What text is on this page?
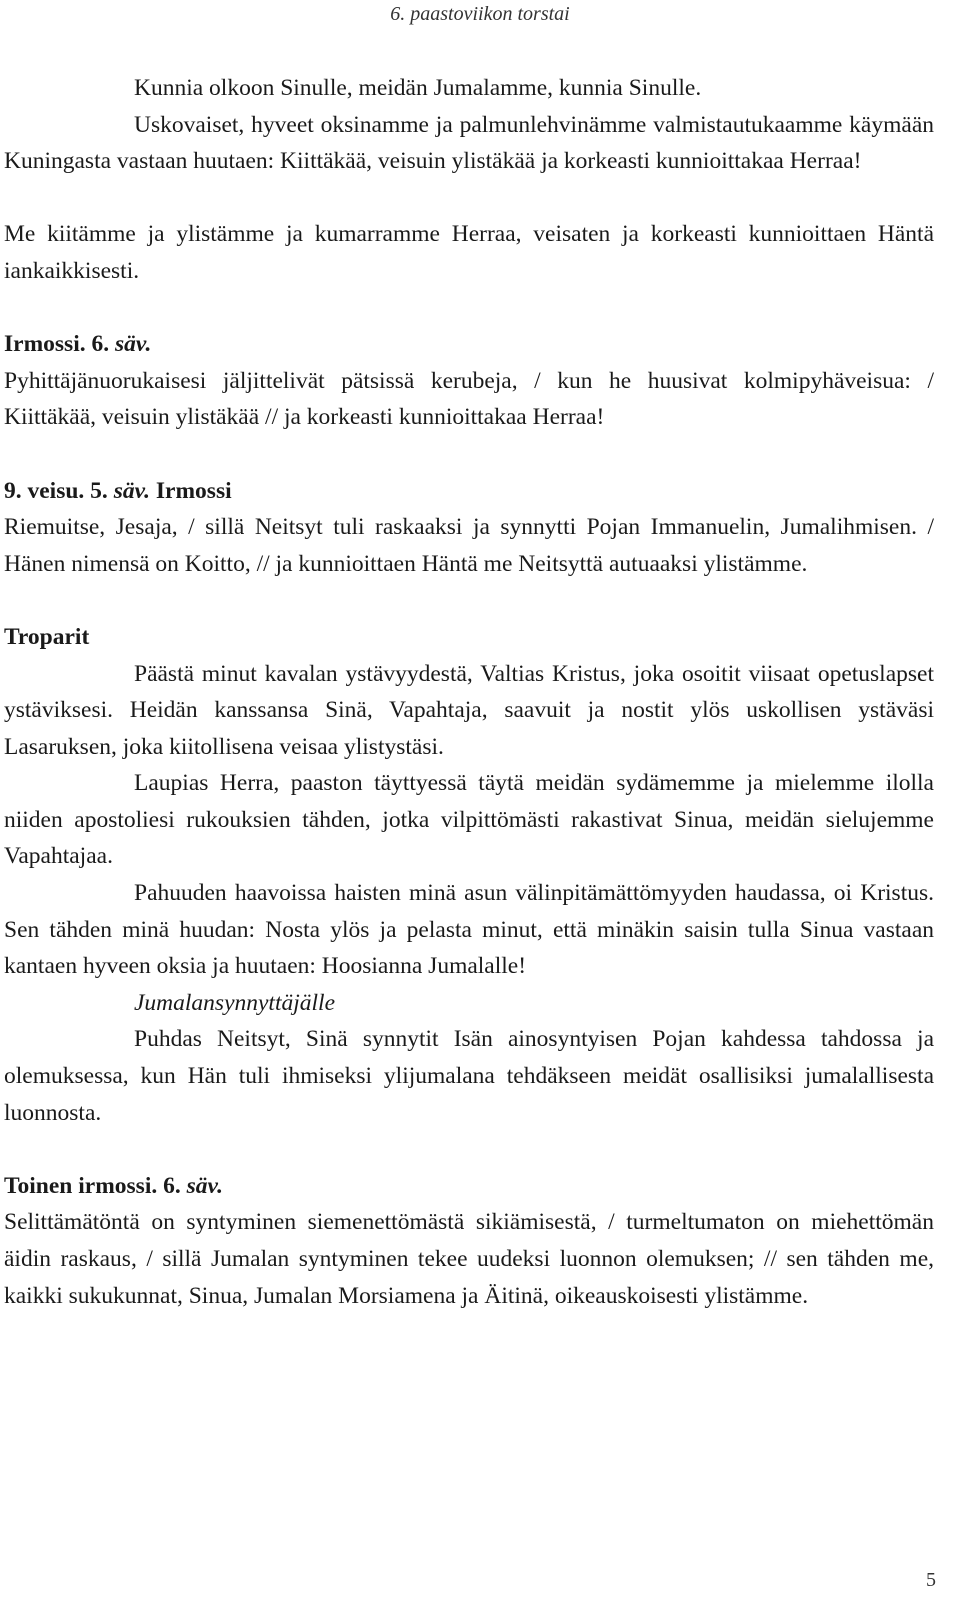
6. paastoviikon torstai

Kunnia olkoon Sinulle, meidän Jumalamme, kunnia Sinulle.

Uskovaiset, hyveet oksinamme ja palmunlehvinämme valmistautukaamme käymään Kuningasta vastaan huutaen: Kiittäkää, veisuin ylistäkää ja korkeasti kunnioittakaa Herraa!

Me kiitämme ja ylistämme ja kumarramme Herraa, veisaten ja korkeasti kunnioittaen Häntä iankaikkisesti.

Irmossi. 6. säv.

Pyhittäjänuorukaisesi jäljittelivät pätsissä kerubeja, / kun he huusivat kolmipyhäveisua: / Kiittäkää, veisuin ylistäkää // ja korkeasti kunnioittakaa Herraa!

9. veisu. 5. säv. Irmossi

Riemuitse, Jesaja, / sillä Neitsyt tuli raskaaksi ja synnytti Pojan Immanuelin, Jumalihmisen. / Hänen nimensä on Koitto, // ja kunnioittaen Häntä me Neitsyttä autuaaksi ylistämme.

Troparit

Päästä minut kavalan ystävyydestä, Valtias Kristus, joka osoitit viisaat opetuslapset ystäviksesi. Heidän kanssansa Sinä, Vapahtaja, saavuit ja nostit ylös uskollisen ystäväsi Lasaruksen, joka kiitollisena veisaa ylistystäsi.

Laupias Herra, paaston täyttyessä täytä meidän sydämemme ja mielemme ilolla niiden apostoliesi rukouksien tähden, jotka vilpittömästi rakastivat Sinua, meidän sielujemme Vapahtajaa.

Pahuuden haavoissa haisten minä asun välinpitämättömyyden haudassa, oi Kristus. Sen tähden minä huudan: Nosta ylös ja pelasta minut, että minäkin saisin tulla Sinua vastaan kantaen hyveen oksia ja huutaen: Hoosianna Jumalalle!

Jumalansynnyttäjälle

Puhdas Neitsyt, Sinä synnytit Isän ainosyntyisen Pojan kahdessa tahdossa ja olemuksessa, kun Hän tuli ihmiseksi ylijumalana tehdäkseen meidät osallisiksi jumalallisesta luonnosta.

Toinen irmossi. 6. säv.

Selittämätöntä on syntyminen siemenettömästä sikiämisestä, / turmeltumaton on miehettömän äidin raskaus, / sillä Jumalan syntyminen tekee uudeksi luonnon olemuksen; // sen tähden me, kaikki sukukunnat, Sinua, Jumalan Morsiamena ja Äitinä, oikeauskoisesti ylistämme.

5
